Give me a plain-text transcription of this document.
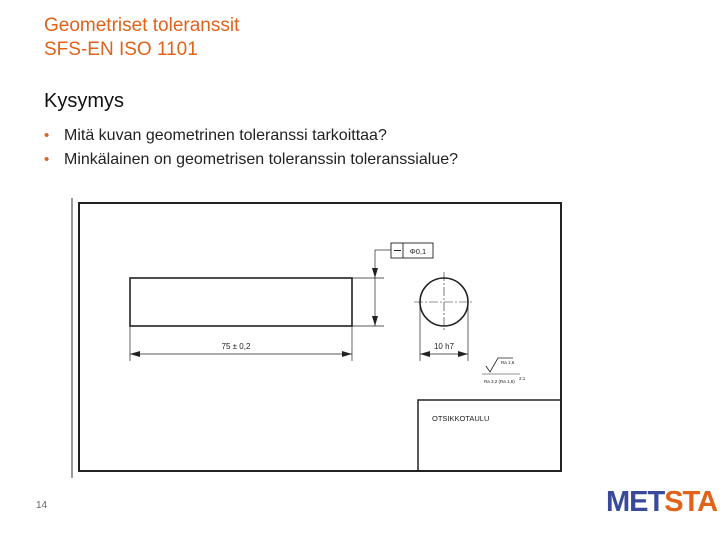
Geometriset toleranssit
SFS-EN ISO 1101
Kysymys
• Mitä kuvan geometrinen toleranssi tarkoittaa?
• Minkälainen on geometrisen toleranssin toleranssialue?
75 ± 0,2
Φ0,1
10 h7
Ra 1,6
Ra 3,2 (Ra 1,6)
2:1
OTSIKKOTAULU
14	METSTA
